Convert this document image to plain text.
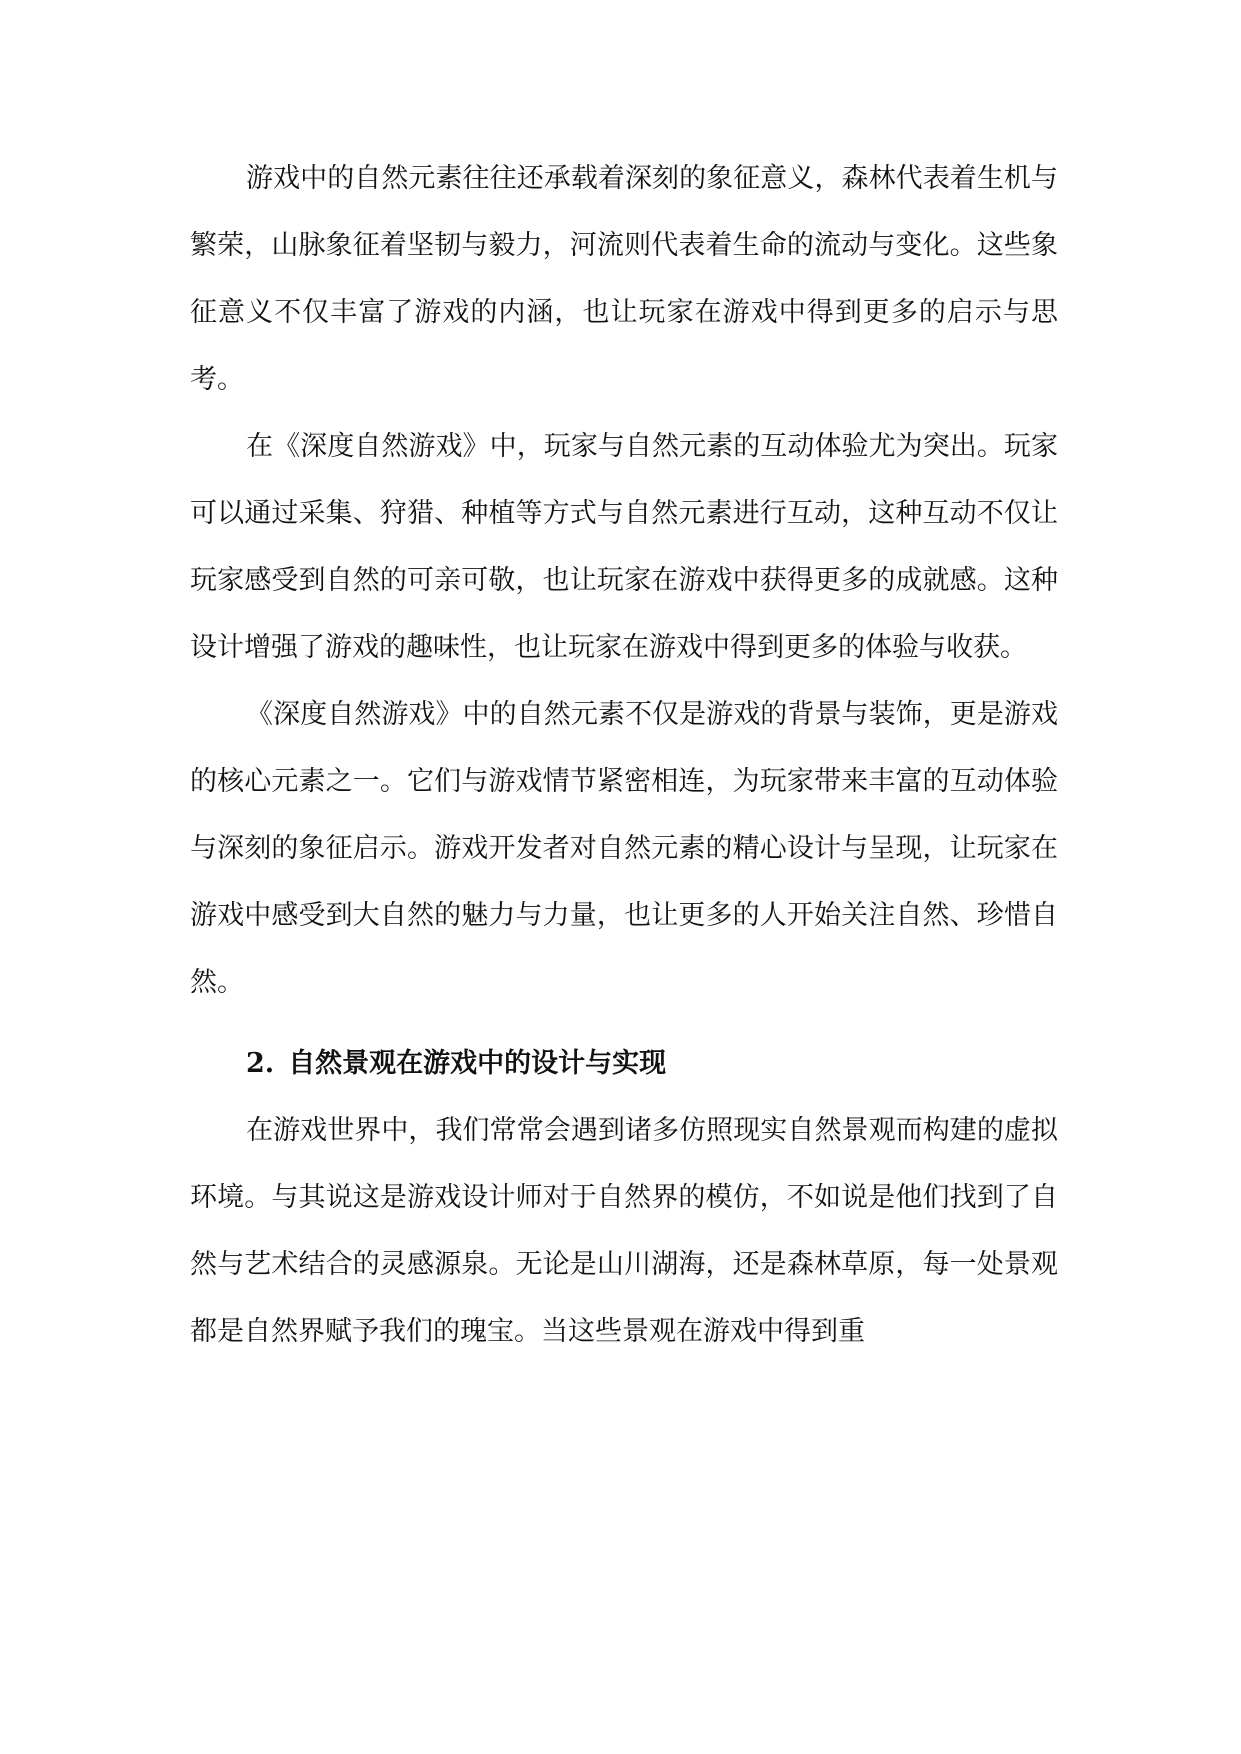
游戏中的自然元素往往还承载着深刻的象征意义，森林代表着生机与繁荣，山脉象征着坚韧与毅力，河流则代表着生命的流动与变化。这些象征意义不仅丰富了游戏的内涵，也让玩家在游戏中得到更多的启示与思考。

在《深度自然游戏》中，玩家与自然元素的互动体验尤为突出。玩家可以通过采集、狩猎、种植等方式与自然元素进行互动，这种互动不仅让玩家感受到自然的可亲可敬，也让玩家在游戏中获得更多的成就感。这种设计增强了游戏的趣味性，也让玩家在游戏中得到更多的体验与收获。

《深度自然游戏》中的自然元素不仅是游戏的背景与装饰，更是游戏的核心元素之一。它们与游戏情节紧密相连，为玩家带来丰富的互动体验与深刻的象征启示。游戏开发者对自然元素的精心设计与呈现，让玩家在游戏中感受到大自然的魅力与力量，也让更多的人开始关注自然、珍惜自然。

2. 自然景观在游戏中的设计与实现

在游戏世界中，我们常常会遇到诸多仿照现实自然景观而构建的虚拟环境。与其说这是游戏设计师对于自然界的模仿，不如说是他们找到了自然与艺术结合的灵感源泉。无论是山川湖海，还是森林草原，每一处景观都是自然界赋予我们的瑰宝。当这些景观在游戏中得到重
